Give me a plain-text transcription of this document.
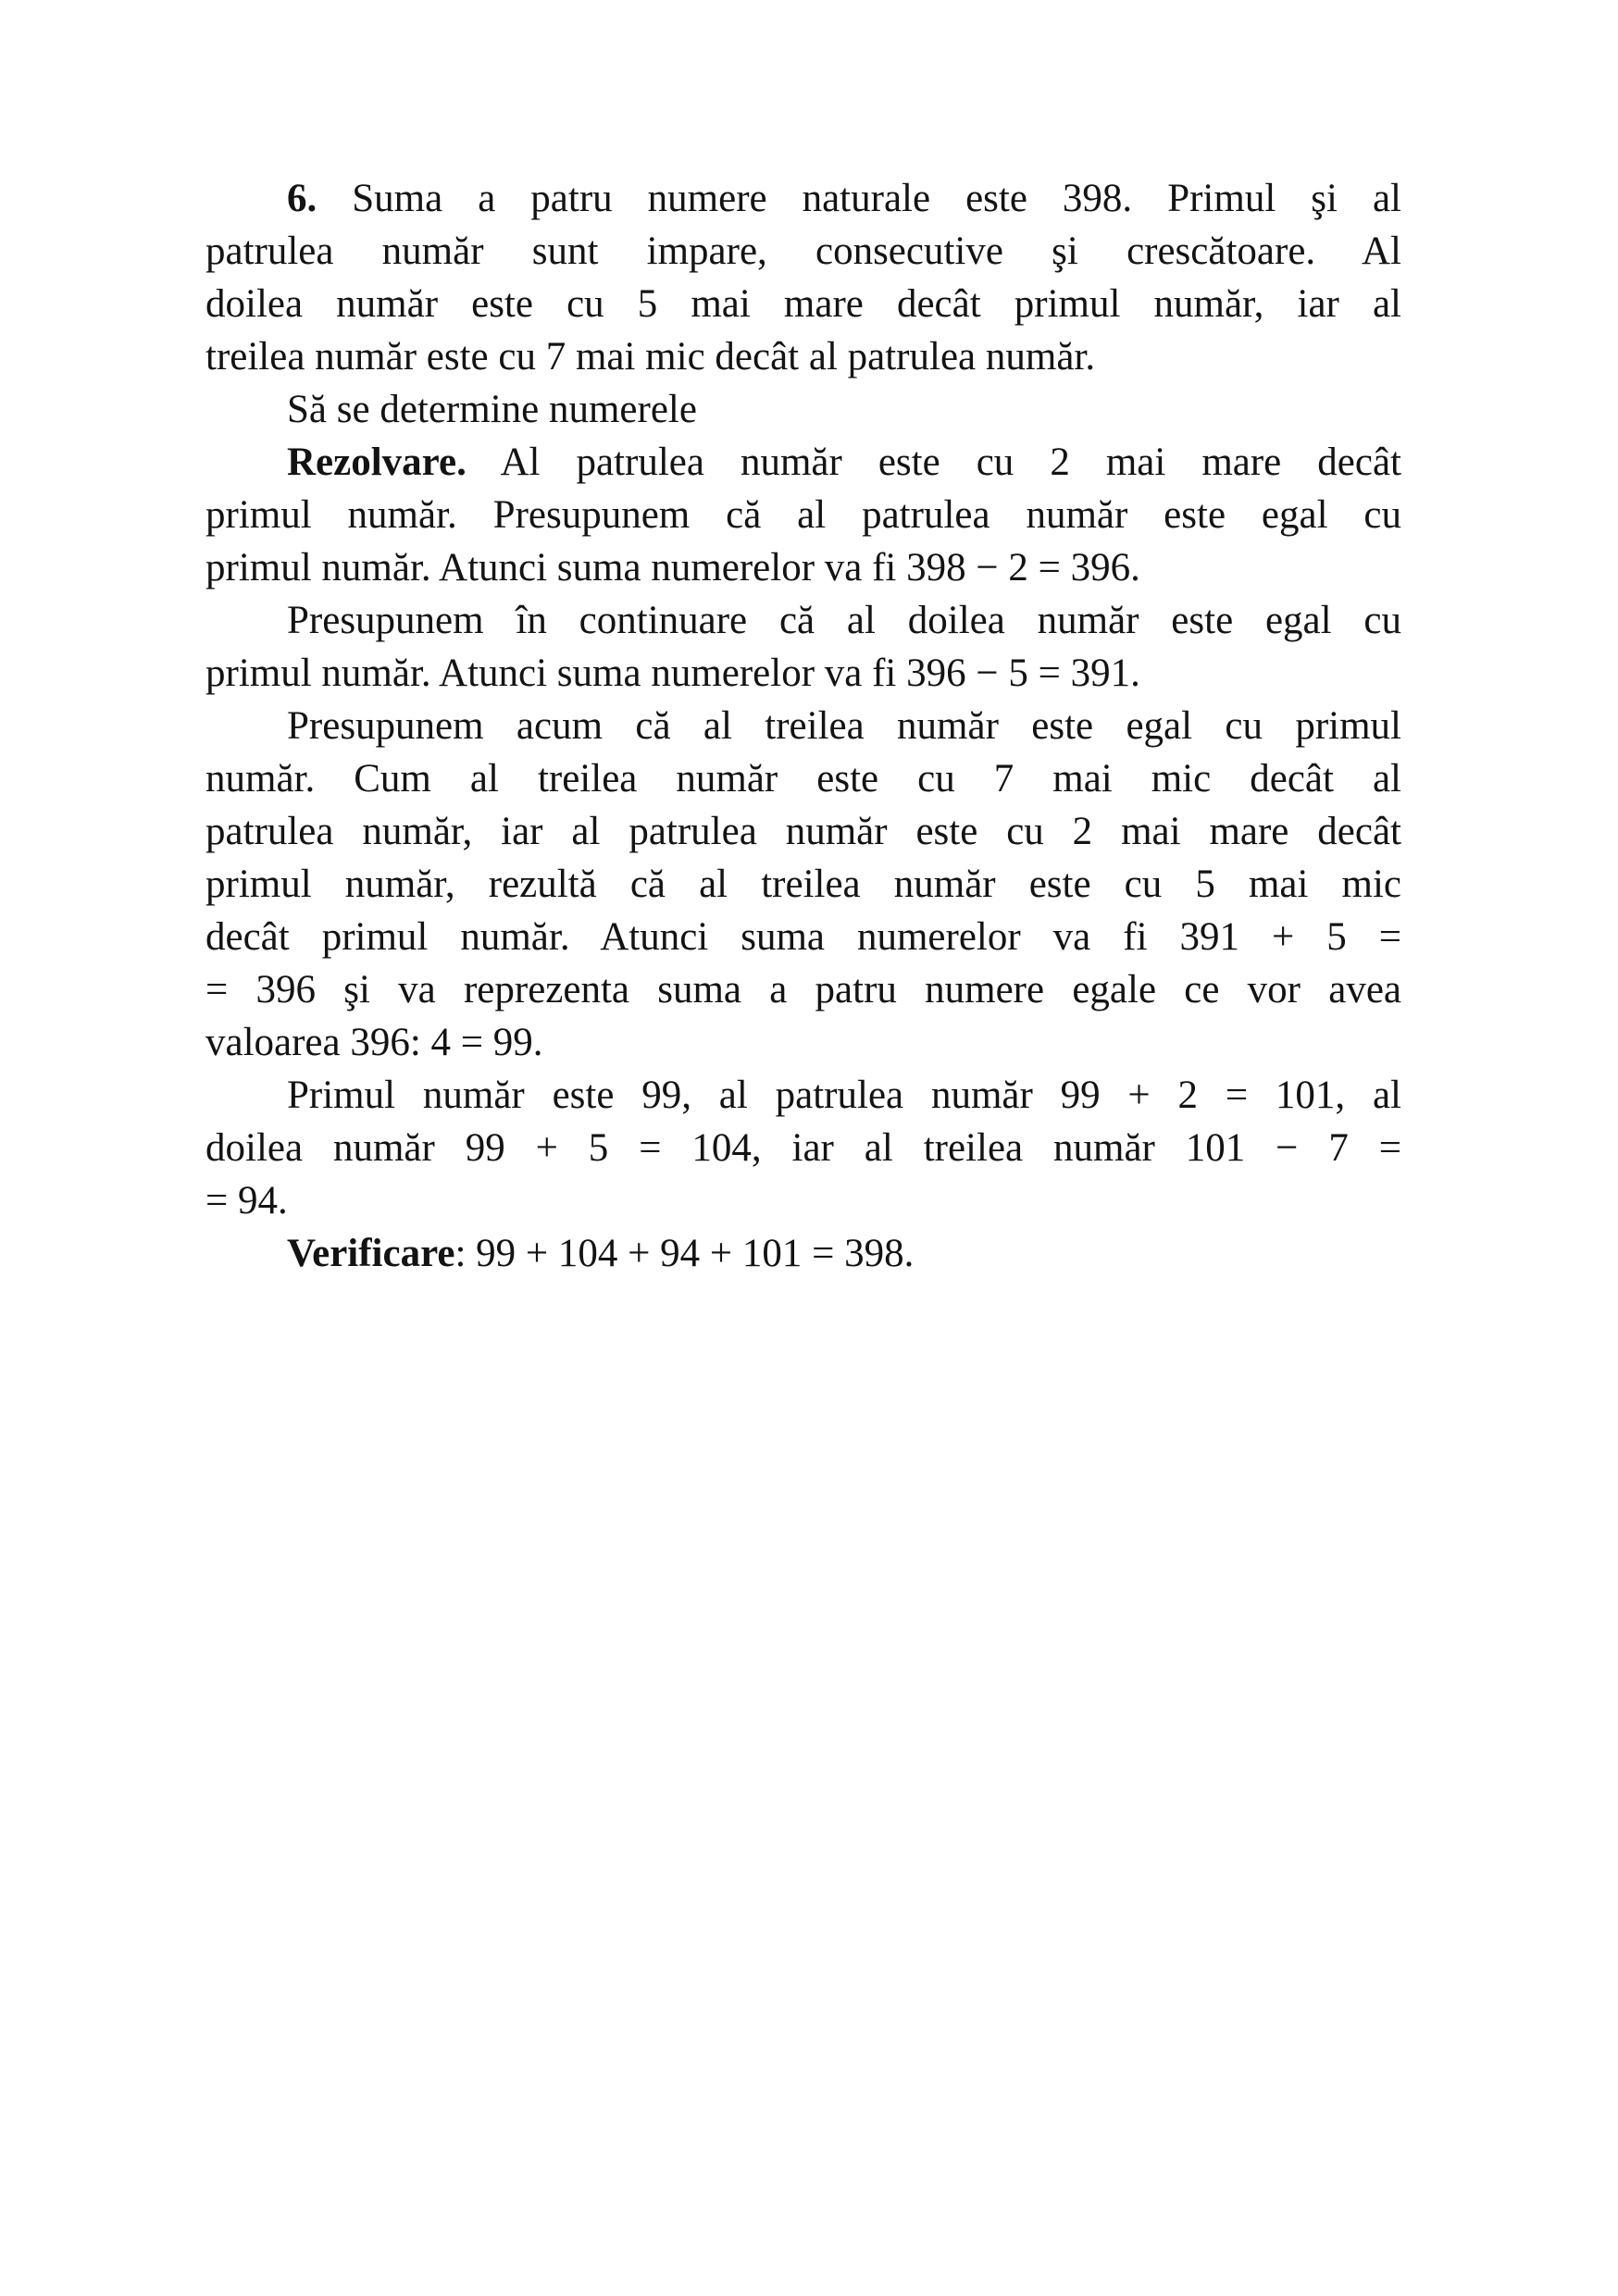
6. Suma a patru numere naturale este 398. Primul şi al
patrulea număr sunt impare, consecutive şi crescătoare. Al
doilea număr este cu 5 mai mare decât primul număr, iar al
treilea număr este cu 7 mai mic decât al patrulea număr.
Să se determine numerele
Rezolvare. Al patrulea număr este cu 2 mai mare decât
primul număr. Presupunem că al patrulea număr este egal cu
primul număr. Atunci suma numerelor va fi 398 − 2 = 396.
Presupunem în continuare că al doilea număr este egal cu
primul număr. Atunci suma numerelor va fi 396 − 5 = 391.
Presupunem acum că al treilea număr este egal cu primul
număr. Cum al treilea număr este cu 7 mai mic decât al
patrulea număr, iar al patrulea număr este cu 2 mai mare decât
primul număr, rezultă că al treilea număr este cu 5 mai mic
decât primul număr. Atunci suma numerelor va fi 391 + 5 =
= 396 şi va reprezenta suma a patru numere egale ce vor avea
valoarea 396: 4 = 99.
Primul număr este 99, al patrulea număr 99 + 2 = 101, al
doilea număr 99 + 5 = 104, iar al treilea număr 101 − 7 =
= 94.
Verificare: 99 + 104 + 94 + 101 = 398.
